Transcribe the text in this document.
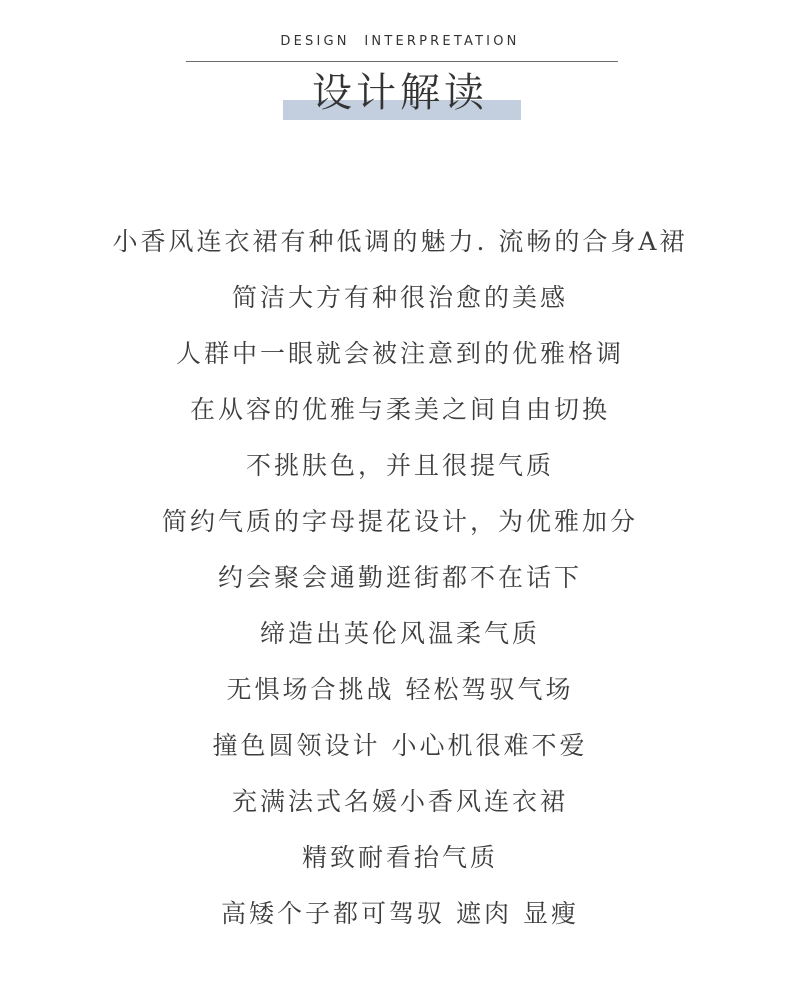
DESIGN  INTERPRETATION
设计解读
小香风连衣裙有种低调的魅力. 流畅的合身A裙
简洁大方有种很治愈的美感
人群中一眼就会被注意到的优雅格调
在从容的优雅与柔美之间自由切换
不挑肤色，并且很提气质
简约气质的字母提花设计，为优雅加分
约会聚会通勤逛街都不在话下
缔造出英伦风温柔气质
无惧场合挑战 轻松驾驭气场
撞色圆领设计 小心机很难不爱
充满法式名媛小香风连衣裙
精致耐看抬气质
高矮个子都可驾驭 遮肉 显瘦
